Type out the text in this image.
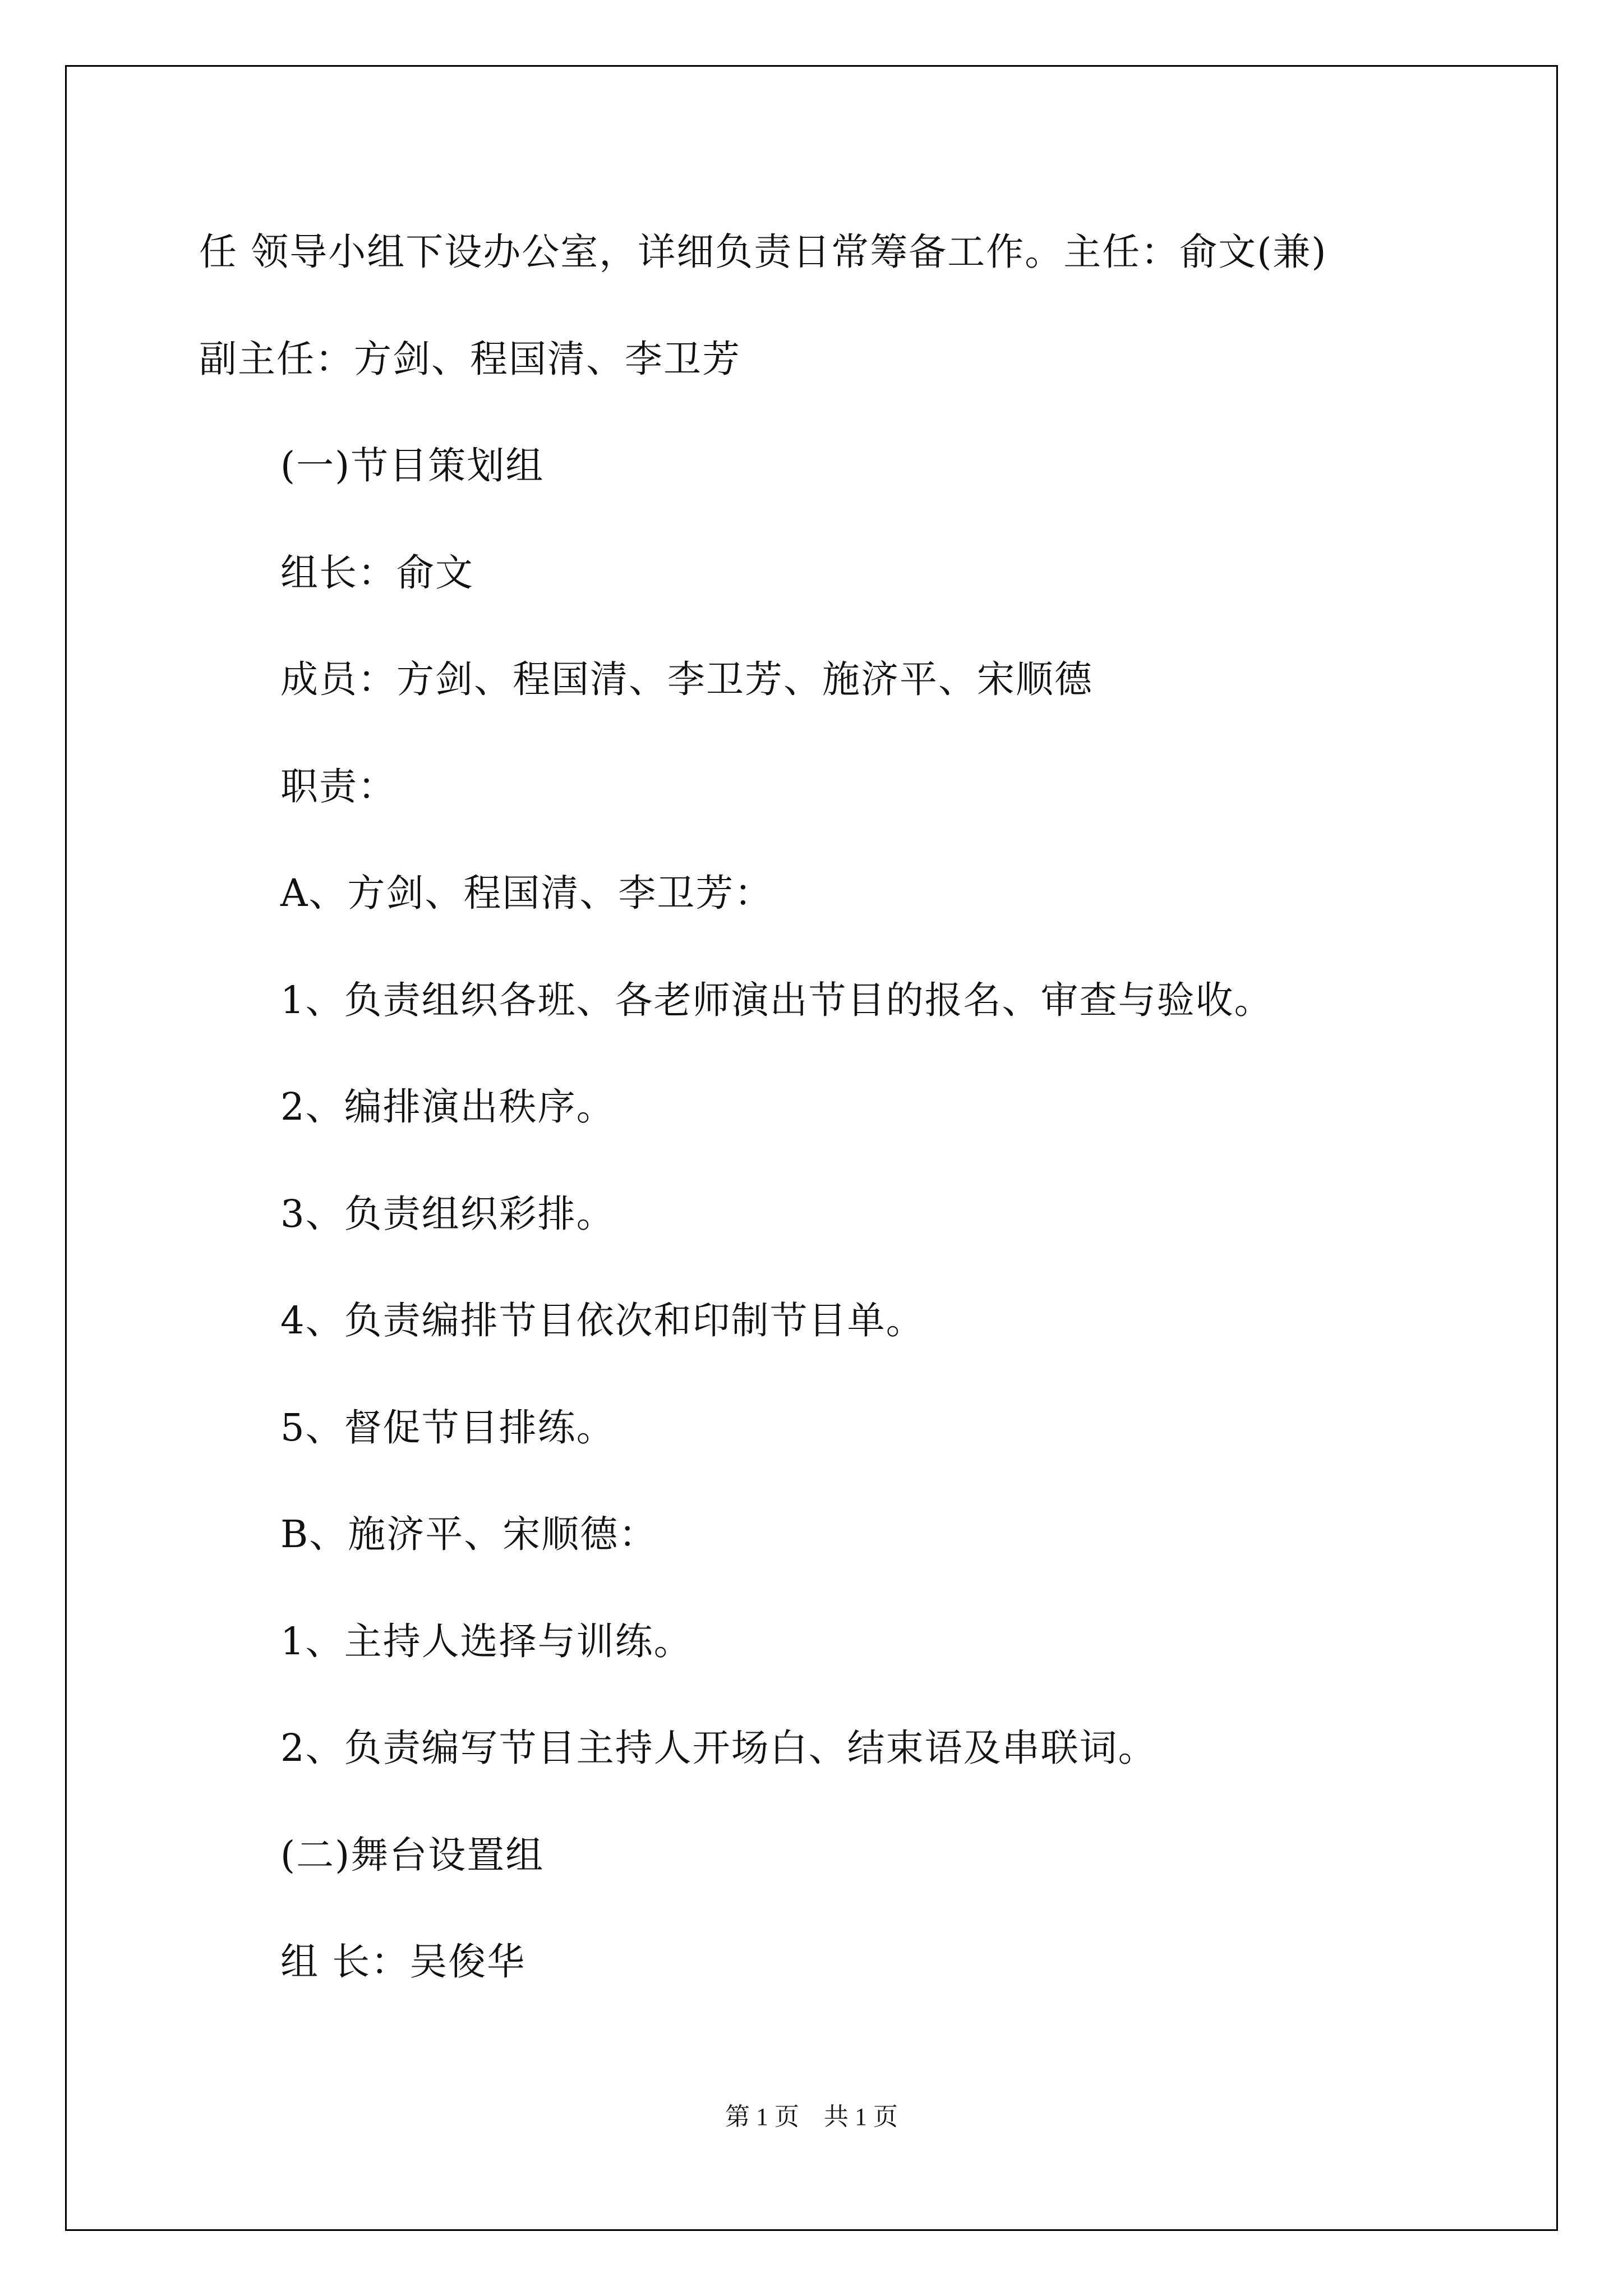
任 领导小组下设办公室，详细负责日常筹备工作。主任：俞文(兼)

副主任：方剑、程国清、李卫芳

(一)节目策划组

组长：俞文

成员：方剑、程国清、李卫芳、施济平、宋顺德

职责：

A、方剑、程国清、李卫芳：

1、负责组织各班、各老师演出节目的报名、审查与验收。

2、编排演出秩序。

3、负责组织彩排。

4、负责编排节目依次和印制节目单。

5、督促节目排练。

B、施济平、宋顺德：

1、主持人选择与训练。

2、负责编写节目主持人开场白、结束语及串联词。

(二)舞台设置组

组 长：吴俊华

第 1 页 共 1 页
